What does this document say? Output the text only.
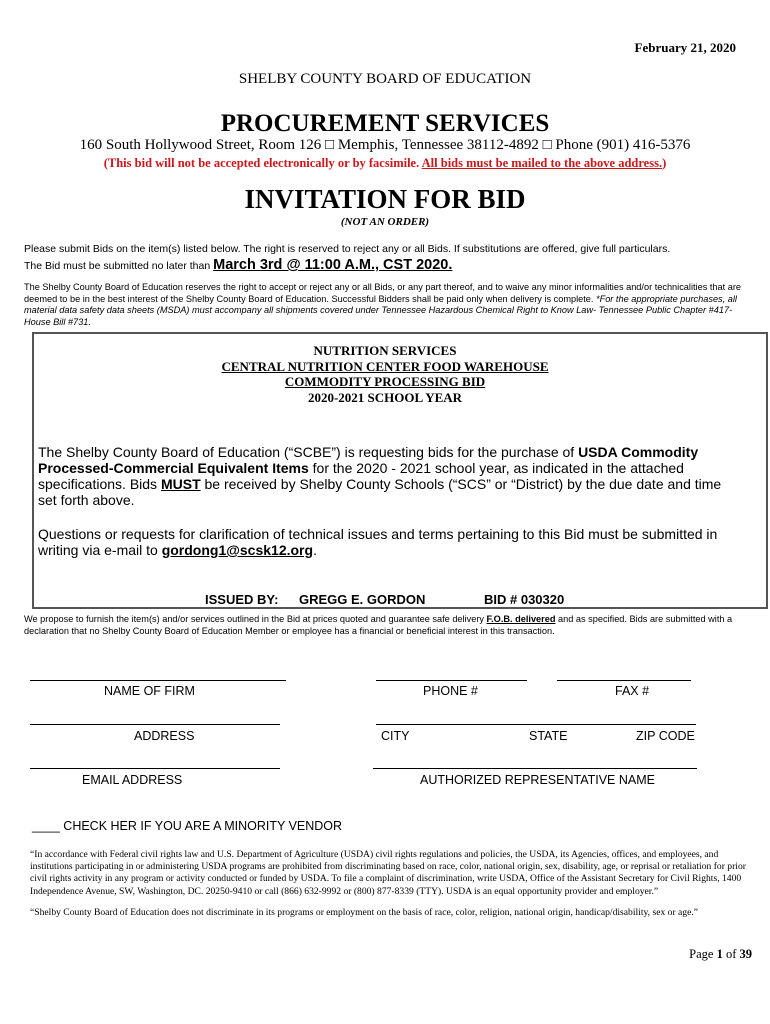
February 21, 2020
SHELBY COUNTY BOARD OF EDUCATION
PROCUREMENT SERVICES
160 South Hollywood Street, Room 126 □ Memphis, Tennessee 38112-4892 □ Phone (901) 416-5376
(This bid will not be accepted electronically or by facsimile. All bids must be mailed to the above address.)
INVITATION FOR BID
(NOT AN ORDER)
Please submit Bids on the item(s) listed below. The right is reserved to reject any or all Bids. If substitutions are offered, give full particulars.
The Bid must be submitted no later than March 3rd @ 11:00 A.M., CST 2020.
The Shelby County Board of Education reserves the right to accept or reject any or all Bids, or any part thereof, and to waive any minor informalities and/or technicalities that are deemed to be in the best interest of the Shelby County Board of Education. Successful Bidders shall be paid only when delivery is complete. *For the appropriate purchases, all material data safety data sheets (MSDA) must accompany all shipments covered under Tennessee Hazardous Chemical Right to Know Law- Tennessee Public Chapter #417- House Bill #731.
NUTRITION SERVICES
CENTRAL NUTRITION CENTER FOOD WAREHOUSE
COMMODITY PROCESSING BID
2020-2021 SCHOOL YEAR
The Shelby County Board of Education (“SCBE”) is requesting bids for the purchase of USDA Commodity Processed-Commercial Equivalent Items for the 2020 - 2021 school year, as indicated in the attached specifications. Bids MUST be received by Shelby County Schools (“SCS” or “District) by the due date and time set forth above.
Questions or requests for clarification of technical issues and terms pertaining to this Bid must be submitted in writing via e-mail to gordong1@scsk12.org.
ISSUED BY: GREGG E. GORDON	BID # 030320
We propose to furnish the item(s) and/or services outlined in the Bid at prices quoted and guarantee safe delivery F.O.B. delivered and as specified. Bids are submitted with a declaration that no Shelby County Board of Education Member or employee has a financial or beneficial interest in this transaction.
NAME OF FIRM	PHONE #	FAX #
ADDRESS	CITY	STATE	ZIP CODE
EMAIL ADDRESS	AUTHORIZED REPRESENTATIVE NAME
____ CHECK HER IF YOU ARE A MINORITY VENDOR
“In accordance with Federal civil rights law and U.S. Department of Agriculture (USDA) civil rights regulations and policies, the USDA, its Agencies, offices, and employees, and institutions participating in or administering USDA programs are prohibited from discriminating based on race, color, national origin, sex, disability, age, or reprisal or retaliation for prior civil rights activity in any program or activity conducted or funded by USDA. To file a complaint of discrimination, write USDA, Office of the Assistant Secretary for Civil Rights, 1400 Independence Avenue, SW, Washington, DC. 20250-9410 or call (866) 632-9992 or (800) 877-8339 (TTY). USDA is an equal opportunity provider and employer.”
“Shelby County Board of Education does not discriminate in its programs or employment on the basis of race, color, religion, national origin, handicap/disability, sex or age.”
Page 1 of 39
